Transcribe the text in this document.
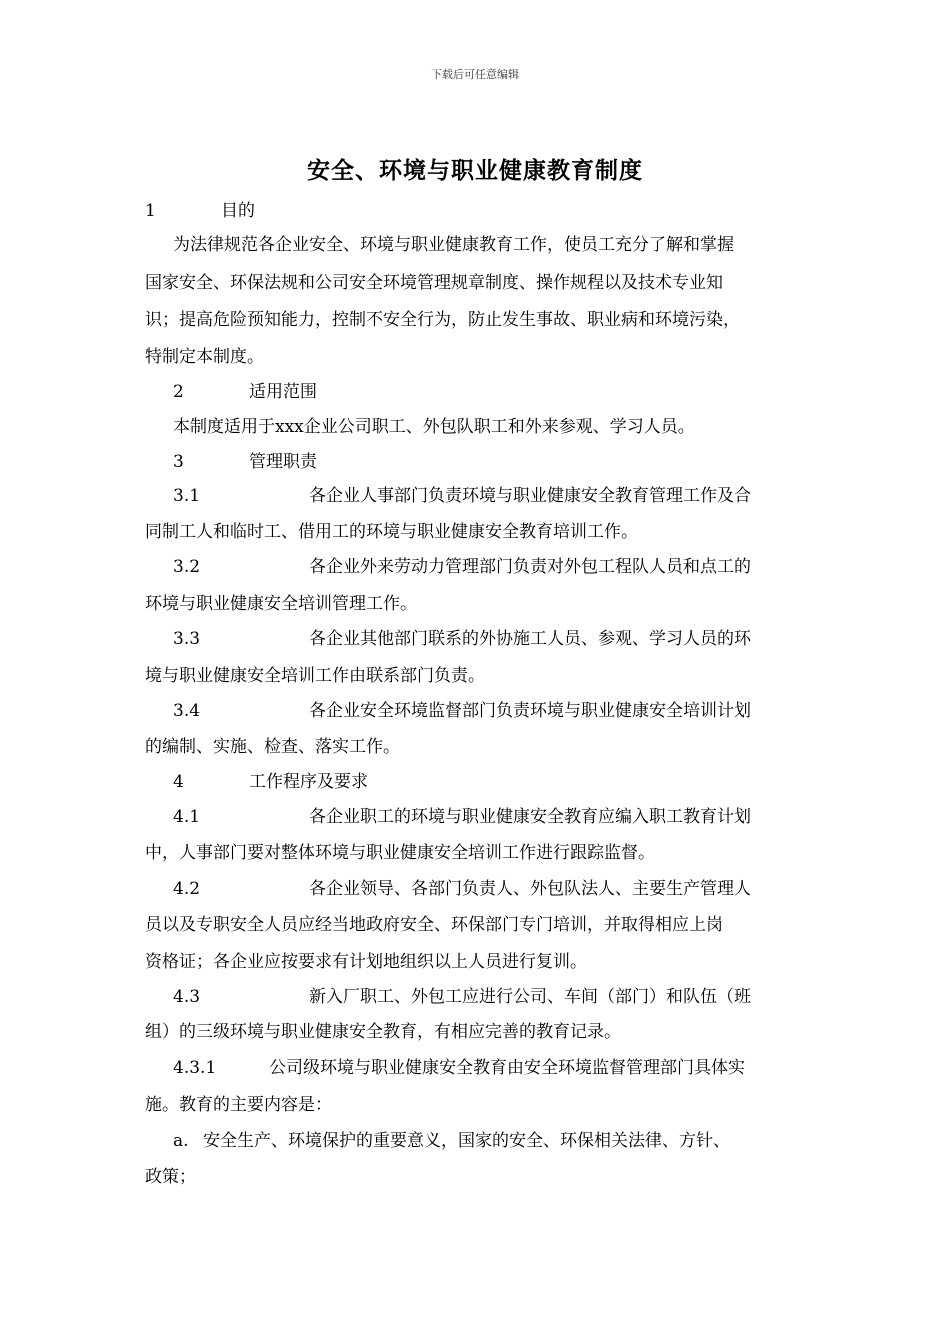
下载后可任意编辑
安全、环境与职业健康教育制度
1	目的
为法律规范各企业安全、环境与职业健康教育工作，使员工充分了解和掌握
国家安全、环保法规和公司安全环境管理规章制度、操作规程以及技术专业知
识；提高危险预知能力，控制不安全行为，防止发生事故、职业病和环境污染，
特制定本制度。
2	适用范围
本制度适用于xxx企业公司职工、外包队职工和外来参观、学习人员。
3	管理职责
3.1	各企业人事部门负责环境与职业健康安全教育管理工作及合
同制工人和临时工、借用工的环境与职业健康安全教育培训工作。
3.2	各企业外来劳动力管理部门负责对外包工程队人员和点工的
环境与职业健康安全培训管理工作。
3.3	各企业其他部门联系的外协施工人员、参观、学习人员的环
境与职业健康安全培训工作由联系部门负责。
3.4	各企业安全环境监督部门负责环境与职业健康安全培训计划
的编制、实施、检查、落实工作。
4	工作程序及要求
4.1	各企业职工的环境与职业健康安全教育应编入职工教育计划
中，人事部门要对整体环境与职业健康安全培训工作进行跟踪监督。
4.2	各企业领导、各部门负责人、外包队法人、主要生产管理人
员以及专职安全人员应经当地政府安全、环保部门专门培训，并取得相应上岗
资格证；各企业应按要求有计划地组织以上人员进行复训。
4.3	新入厂职工、外包工应进行公司、车间（部门）和队伍（班
组）的三级环境与职业健康安全教育，有相应完善的教育记录。
4.3.1	公司级环境与职业健康安全教育由安全环境监督管理部门具体实
施。教育的主要内容是：
a. 安全生产、环境保护的重要意义，国家的安全、环保相关法律、方针、
政策；
